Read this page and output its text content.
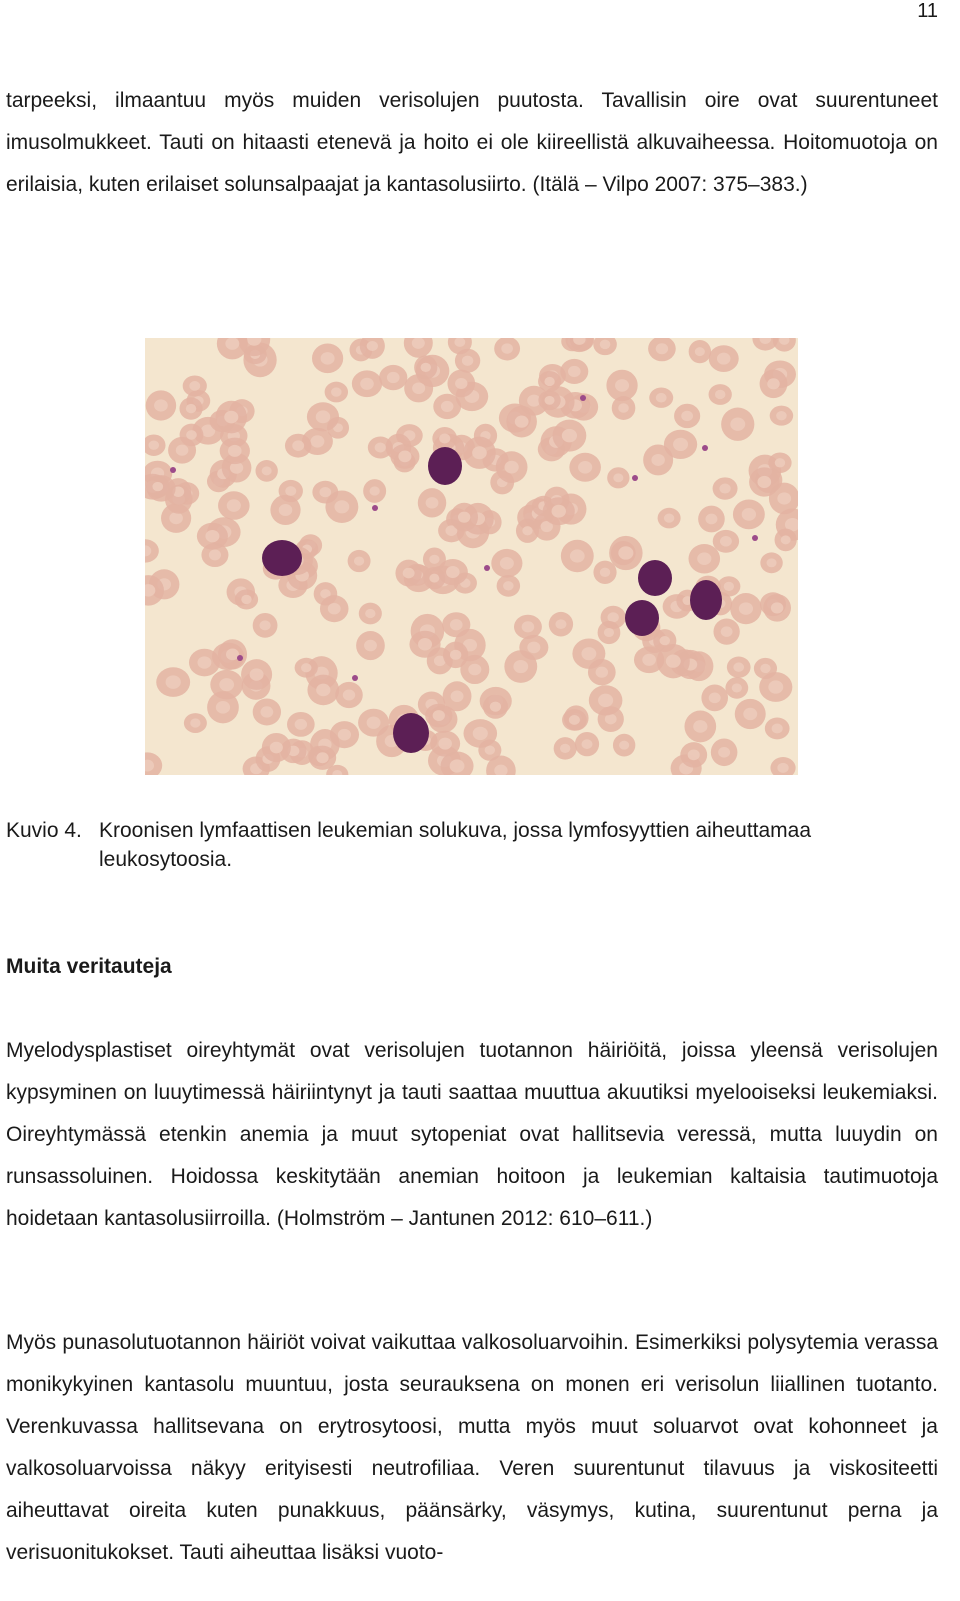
11

tarpeeksi, ilmaantuu myös muiden verisolujen puutosta. Tavallisin oire ovat suurentuneet imusolmukkeet. Tauti on hitaasti etenevä ja hoito ei ole kiireellistä alkuvaiheessa. Hoitomuotoja on erilaisia, kuten erilaiset solunsalpaajat ja kantasolusiirto. (Itälä – Vilpo 2007: 375–383.)

Kuvio 4. Kroonisen lymfaattisen leukemian solukuva, jossa lymfosyyttien aiheuttamaa
leukosytoosia.
Muita veritauteja

Myelodysplastiset oireyhtymät ovat verisolujen tuotannon häiriöitä, joissa yleensä verisolujen kypsyminen on luuytimessä häiriintynyt ja tauti saattaa muuttua akuutiksi myelooiseksi leukemiaksi. Oireyhtymässä etenkin anemia ja muut sytopeniat ovat hallitsevia veressä, mutta luuydin on runsassoluinen. Hoidossa keskitytään anemian hoitoon ja leukemian kaltaisia tautimuotoja hoidetaan kantasolusiirroilla. (Holmström – Jantunen 2012: 610–611.)

Myös punasolutuotannon häiriöt voivat vaikuttaa valkosoluarvoihin. Esimerkiksi polysytemia verassa monikykyinen kantasolu muuntuu, josta seurauksena on monen eri verisolun liiallinen tuotanto. Verenkuvassa hallitsevana on erytrosytoosi, mutta myös muut soluarvot ovat kohonneet ja valkosoluarvoissa näkyy erityisesti neutrofiliaa. Veren suurentunut tilavuus ja viskositeetti aiheuttavat oireita kuten punakkuus, päänsärky, väsymys, kutina, suurentunut perna ja verisuonitukokset. Tauti aiheuttaa lisäksi vuoto-
